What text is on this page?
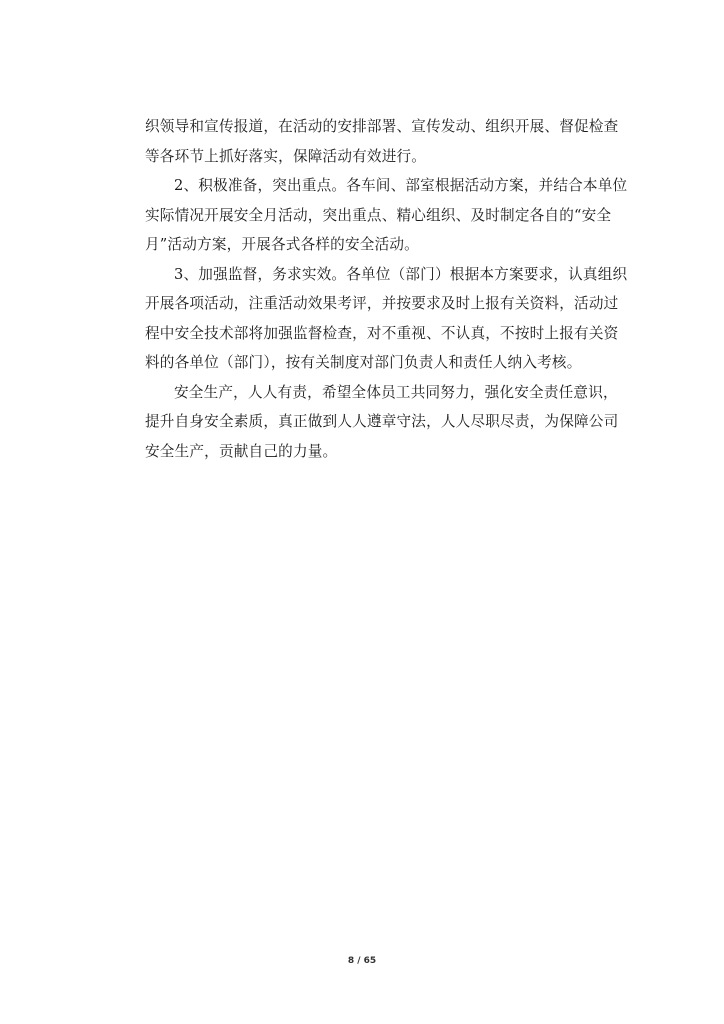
织领导和宣传报道，在活动的安排部署、宣传发动、组织开展、督促检查
等各环节上抓好落实，保障活动有效进行。
2、积极准备，突出重点。各车间、部室根据活动方案，并结合本单位
实际情况开展安全月活动，突出重点、精心组织、及时制定各自的“安全
月”活动方案，开展各式各样的安全活动。
3、加强监督，务求实效。各单位（部门）根据本方案要求，认真组织
开展各项活动，注重活动效果考评，并按要求及时上报有关资料，活动过
程中安全技术部将加强监督检查，对不重视、不认真，不按时上报有关资
料的各单位（部门），按有关制度对部门负责人和责任人纳入考核。
安全生产，人人有责，希望全体员工共同努力，强化安全责任意识，
提升自身安全素质，真正做到人人遵章守法，人人尽职尽责，为保障公司
安全生产，贡献自己的力量。
8 / 65
